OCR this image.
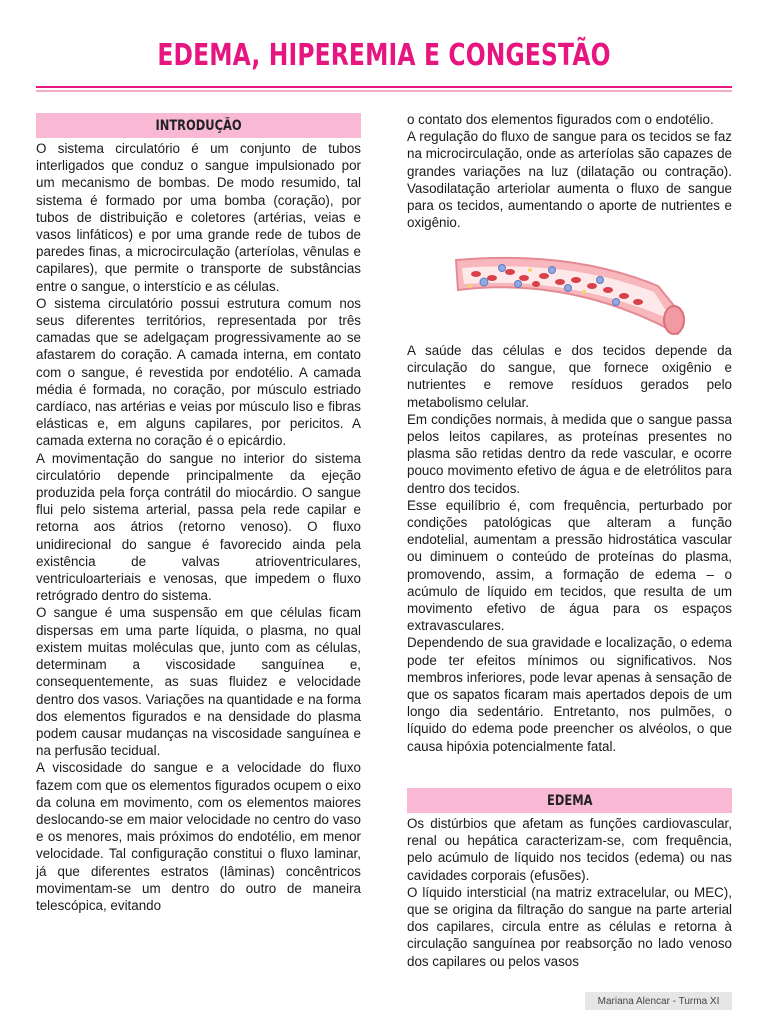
EDEMA, HIPEREMIA E CONGESTÃO
INTRODUÇÃO

O sistema circulatório é um conjunto de tubos interligados que conduz o sangue impulsionado por um mecanismo de bombas. De modo resumido, tal sistema é formado por uma bomba (coração), por tubos de distribuição e coletores (artérias, veias e vasos linfáticos) e por uma grande rede de tubos de paredes finas, a microcirculação (arteríolas, vênulas e capilares), que permite o transporte de substâncias entre o sangue, o interstício e as células.

O sistema circulatório possui estrutura comum nos seus diferentes territórios, representada por três camadas que se adelgaçam progressivamente ao se afastarem do coração. A camada interna, em contato com o sangue, é revestida por endotélio. A camada média é formada, no coração, por músculo estriado cardíaco, nas artérias e veias por músculo liso e fibras elásticas e, em alguns capilares, por pericitos. A camada externa no coração é o epicárdio.

A movimentação do sangue no interior do sistema circulatório depende principalmente da ejeção produzida pela força contrátil do miocárdio. O sangue flui pelo sistema arterial, passa pela rede capilar e retorna aos átrios (retorno venoso). O fluxo unidirecional do sangue é favorecido ainda pela existência de valvas atrioventriculares, ventriculoarteriais e venosas, que impedem o fluxo retrógrado dentro do sistema.

O sangue é uma suspensão em que células ficam dispersas em uma parte líquida, o plasma, no qual existem muitas moléculas que, junto com as células, determinam a viscosidade sanguínea e, consequentemente, as suas fluidez e velocidade dentro dos vasos. Variações na quantidade e na forma dos elementos figurados e na densidade do plasma podem causar mudanças na viscosidade sanguínea e na perfusão tecidual.

A viscosidade do sangue e a velocidade do fluxo fazem com que os elementos figurados ocupem o eixo da coluna em movimento, com os elementos maiores deslocando-se em maior velocidade no centro do vaso e os menores, mais próximos do endotélio, em menor velocidade. Tal configuração constitui o fluxo laminar, já que diferentes estratos (lâminas) concêntricos movimentam-se um dentro do outro de maneira telescópica, evitando

o contato dos elementos figurados com o endotélio.

A regulação do fluxo de sangue para os tecidos se faz na microcirculação, onde as arteríolas são capazes de grandes variações na luz (dilatação ou contração). Vasodilatação arteriolar aumenta o fluxo de sangue para os tecidos, aumentando o aporte de nutrientes e oxigênio.

A saúde das células e dos tecidos depende da circulação do sangue, que fornece oxigênio e nutrientes e remove resíduos gerados pelo metabolismo celular.

Em condições normais, à medida que o sangue passa pelos leitos capilares, as proteínas presentes no plasma são retidas dentro da rede vascular, e ocorre pouco movimento efetivo de água e de eletrólitos para dentro dos tecidos.

Esse equilíbrio é, com frequência, perturbado por condições patológicas que alteram a função endotelial, aumentam a pressão hidrostática vascular ou diminuem o conteúdo de proteínas do plasma, promovendo, assim, a formação de edema – o acúmulo de líquido em tecidos, que resulta de um movimento efetivo de água para os espaços extravasculares.

Dependendo de sua gravidade e localização, o edema pode ter efeitos mínimos ou significativos. Nos membros inferiores, pode levar apenas à sensação de que os sapatos ficaram mais apertados depois de um longo dia sedentário. Entretanto, nos pulmões, o líquido do edema pode preencher os alvéolos, o que causa hipóxia potencialmente fatal.

EDEMA

Os distúrbios que afetam as funções cardiovascular, renal ou hepática caracterizam-se, com frequência, pelo acúmulo de líquido nos tecidos (edema) ou nas cavidades corporais (efusões).

O líquido intersticial (na matriz extracelular, ou MEC), que se origina da filtração do sangue na parte arterial dos capilares, circula entre as células e retorna à circulação sanguínea por reabsorção no lado venoso dos capilares ou pelos vasos

Mariana Alencar - Turma XI
